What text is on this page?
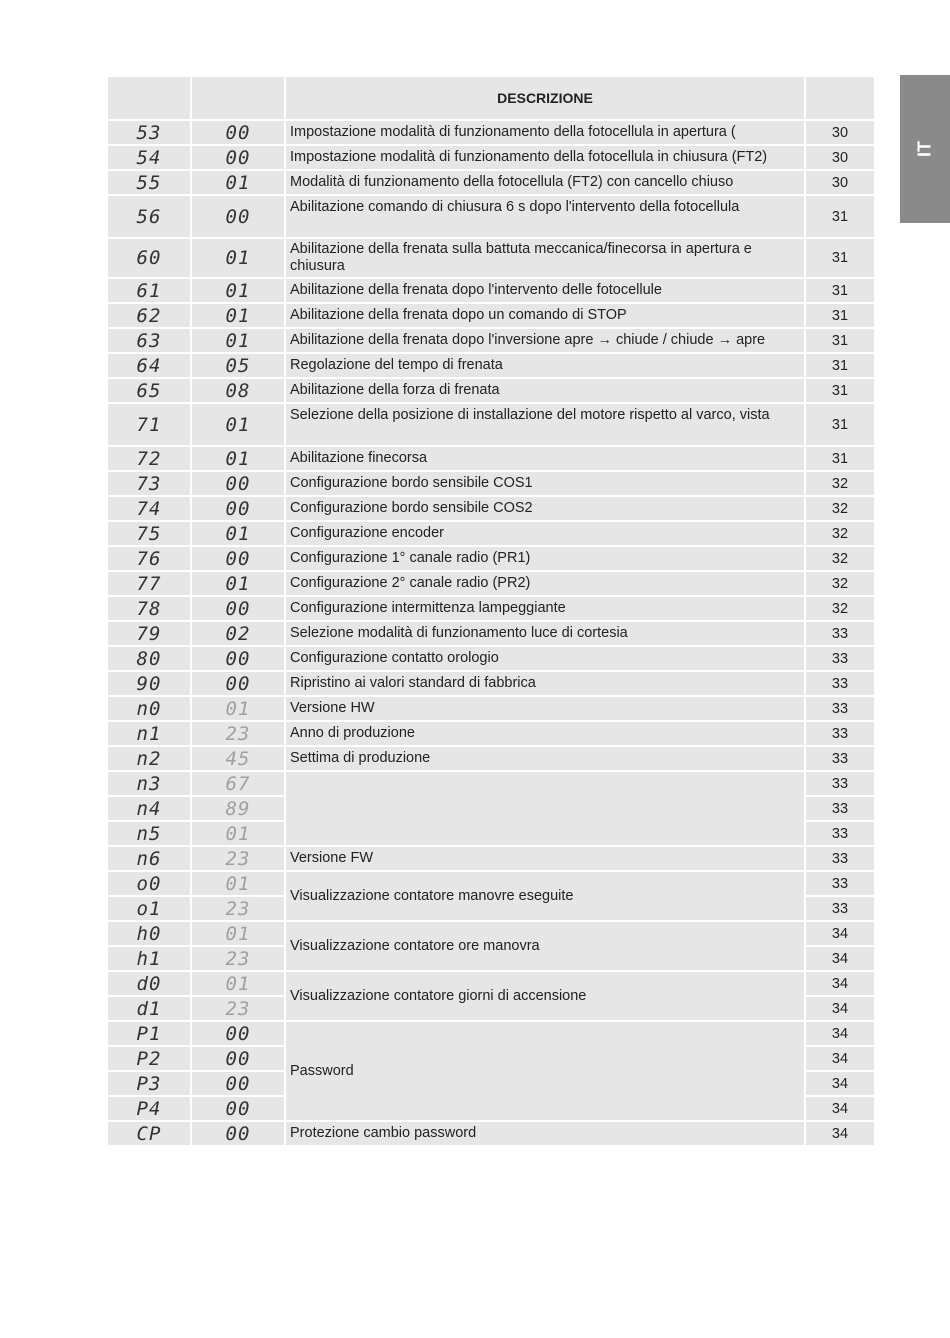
IT
		DESCRIZIONE	
53	00	Impostazione modalità di funzionamento della fotocellula in apertura (	30
54	00	Impostazione modalità di funzionamento della fotocellula in chiusura (FT2)	30
55	01	Modalità di funzionamento della fotocellula (FT2) con cancello chiuso	30
56	00	Abilitazione comando di chiusura 6 s dopo l'intervento della fotocellula	31
60	01	Abilitazione della frenata sulla battuta meccanica/finecorsa in apertura e chiusura	31
61	01	Abilitazione della frenata dopo l'intervento delle fotocellule	31
62	01	Abilitazione della frenata dopo un comando di STOP	31
63	01	Abilitazione della frenata dopo l'inversione apre → chiude / chiude → apre	31
64	05	Regolazione del tempo di frenata	31
65	08	Abilitazione della forza di frenata	31
71	01	Selezione della posizione di installazione del motore rispetto al varco, vista	31
72	01	Abilitazione finecorsa	31
73	00	Configurazione bordo sensibile COS1	32
74	00	Configurazione bordo sensibile COS2	32
75	01	Configurazione encoder	32
76	00	Configurazione 1° canale radio (PR1)	32
77	01	Configurazione 2° canale radio (PR2)	32
78	00	Configurazione intermittenza lampeggiante	32
79	02	Selezione modalità di funzionamento luce di cortesia	33
80	00	Configurazione contatto orologio	33
90	00	Ripristino ai valori standard di fabbrica	33
n0	01	Versione HW	33
n1	23	Anno di produzione	33
n2	45	Settima di produzione	33
n3	67		33
n4	89		33
n5	01		33
n6	23	Versione FW	33
o0	01	Visualizzazione contatore manovre eseguite	33
o1	23		33
h0	01	Visualizzazione contatore ore manovra	34
h1	23		34
d0	01	Visualizzazione contatore giorni di accensione	34
d1	23		34
P1	00	Password	34
P2	00		34
P3	00		34
P4	00		34
CP	00	Protezione cambio password	34
